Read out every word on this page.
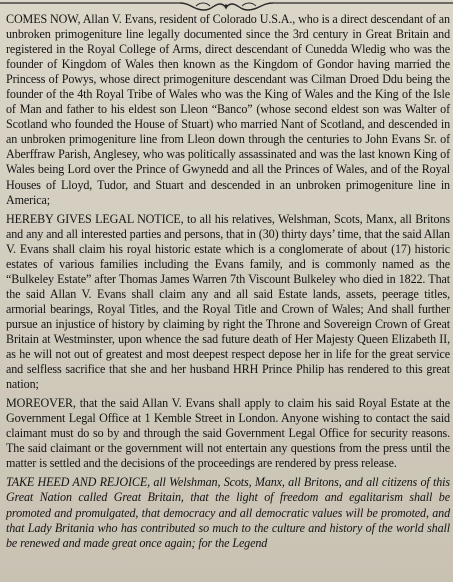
COMES NOW, Allan V. Evans, resident of Colorado U.S.A., who is a direct descendant of an unbroken primogeniture line legally documented since the 3rd century in Great Britain and registered in the Royal College of Arms, direct descendant of Cunedda Wledig who was the founder of Kingdom of Wales then known as the Kingdom of Gondor having married the Princess of Powys, whose direct primogeniture descendant was Cilman Droed Ddu being the founder of the 4th Royal Tribe of Wales who was the King of Wales and the King of the Isle of Man and father to his eldest son Lleon “Banco” (whose second eldest son was Walter of Scotland who founded the House of Stuart) who married Nant of Scotland, and descended in an unbroken primogeniture line from Lleon down through the centuries to John Evans Sr. of Aberffraw Parish, Anglesey, who was politically assassinated and was the last known King of Wales being Lord over the Prince of Gwynedd and all the Princes of Wales, and of the Royal Houses of Lloyd, Tudor, and Stuart and descended in an unbroken primogeniture line in America;

HEREBY GIVES LEGAL NOTICE, to all his relatives, Welshman, Scots, Manx, all Britons and any and all interested parties and persons, that in (30) thirty days’ time, that the said Allan V. Evans shall claim his royal historic estate which is a conglomerate of about (17) historic estates of various families including the Evans family, and is commonly named as the “Bulkeley Estate” after Thomas James Warren 7th Viscount Bulkeley who died in 1822. That the said Allan V. Evans shall claim any and all said Estate lands, assets, peerage titles, armorial bearings, Royal Titles, and the Royal Title and Crown of Wales; And shall further pursue an injustice of history by claiming by right the Throne and Sovereign Crown of Great Britain at Westminster, upon whence the sad future death of Her Majesty Queen Elizabeth II, as he will not out of greatest and most deepest respect depose her in life for the great service and selfless sacrifice that she and her husband HRH Prince Philip has rendered to this great nation;

MOREOVER, that the said Allan V. Evans shall apply to claim his said Royal Estate at the Government Legal Office at 1 Kemble Street in London. Anyone wishing to contact the said claimant must do so by and through the said Government Legal Office for security reasons. The said claimant or the government will not entertain any questions from the press until the matter is settled and the decisions of the proceedings are rendered by press release.

TAKE HEED AND REJOICE, all Welshman, Scots, Manx, all Britons, and all citizens of this Great Nation called Great Britain, that the light of freedom and egalitarism shall be promoted and promulgated, that democracy and all democratic values will be promoted, and that Lady Britania who has contributed so much to the culture and history of the world shall be renewed and made great once again; for the Legend
